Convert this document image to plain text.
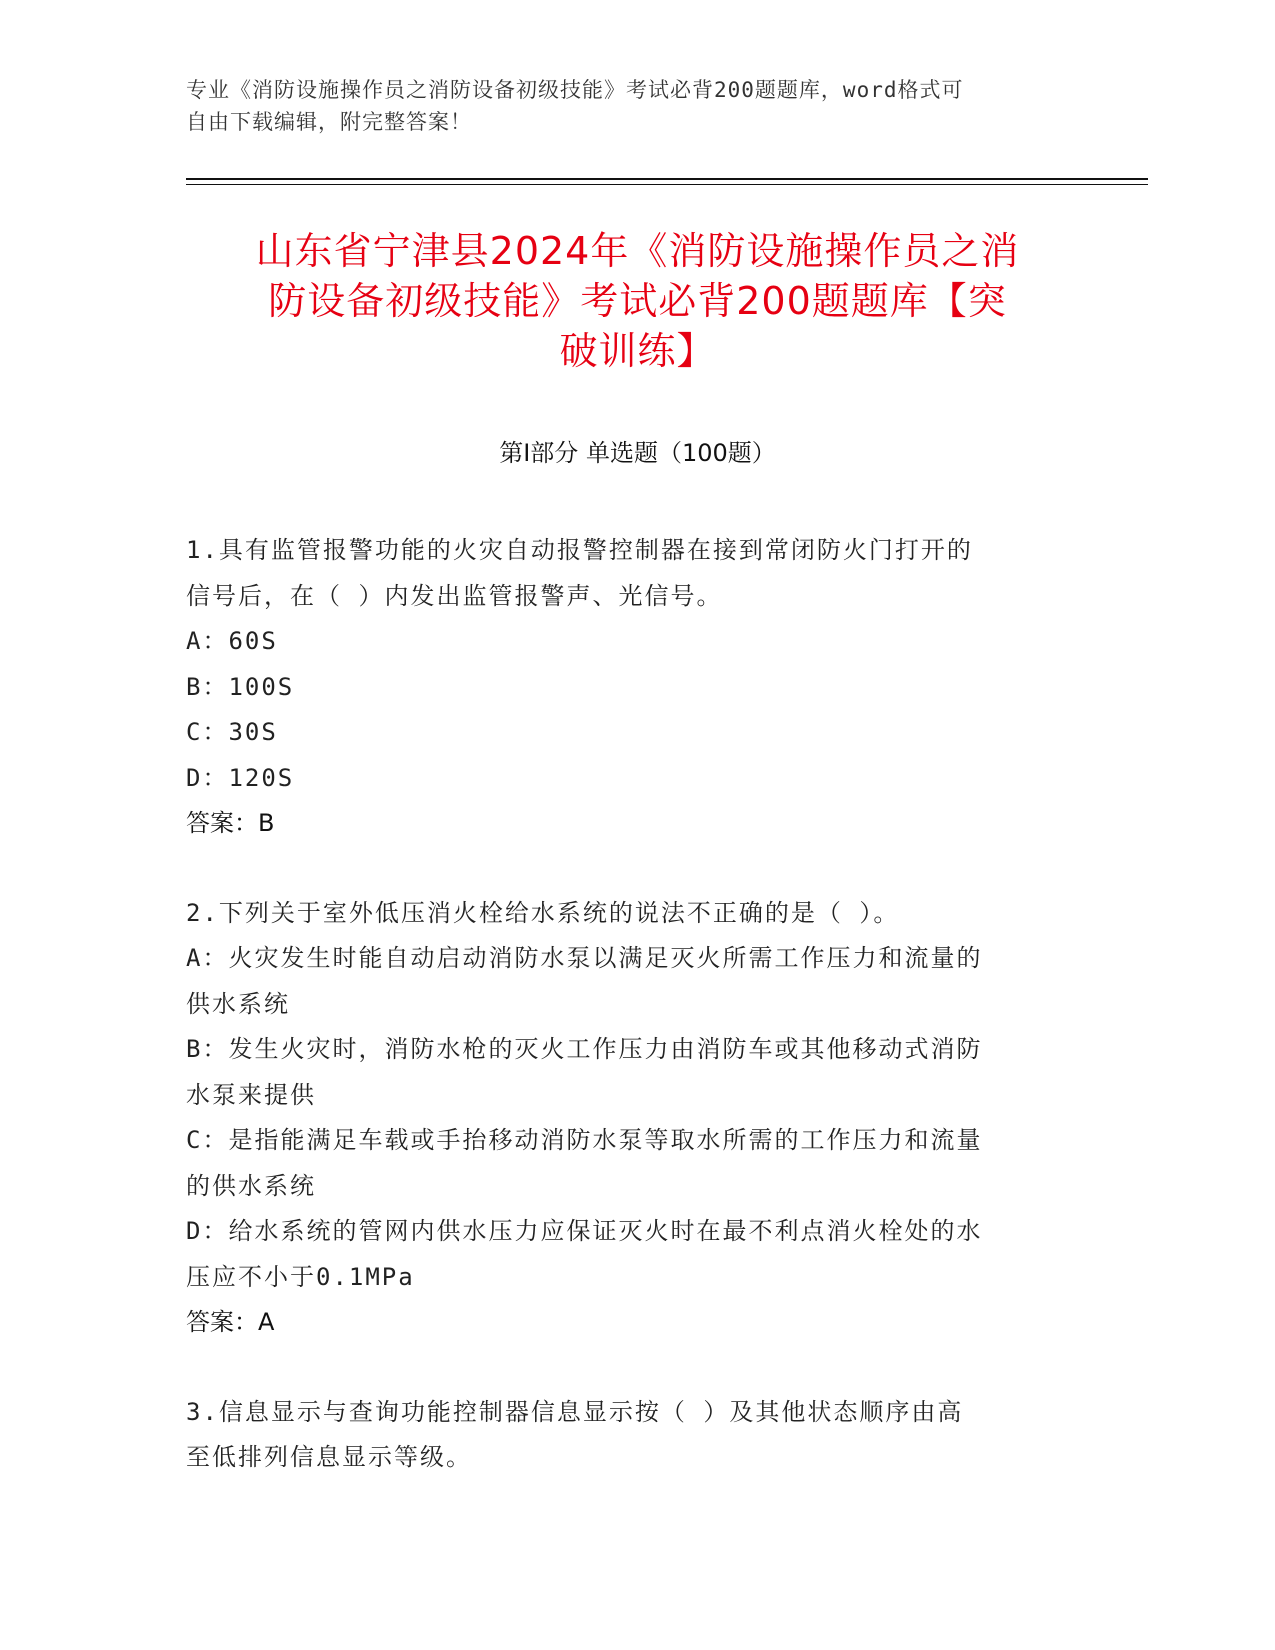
专业《消防设施操作员之消防设备初级技能》考试必背200题题库，word格式可
自由下载编辑，附完整答案！
山东省宁津县2024年《消防设施操作员之消
防设备初级技能》考试必背200题题库【突
破训练】
第Ⅰ部分 单选题（100题）
1.具有监管报警功能的火灾自动报警控制器在接到常闭防火门打开的
信号后，在（ ）内发出监管报警声、光信号。
A：60S
B：100S
C：30S
D：120S
答案：B
2.下列关于室外低压消火栓给水系统的说法不正确的是（ ）。
A：火灾发生时能自动启动消防水泵以满足灭火所需工作压力和流量的
供水系统
B：发生火灾时，消防水枪的灭火工作压力由消防车或其他移动式消防
水泵来提供
C：是指能满足车载或手抬移动消防水泵等取水所需的工作压力和流量
的供水系统
D：给水系统的管网内供水压力应保证灭火时在最不利点消火栓处的水
压应不小于0.1MPa
答案：A
3.信息显示与查询功能控制器信息显示按（ ）及其他状态顺序由高
至低排列信息显示等级。
